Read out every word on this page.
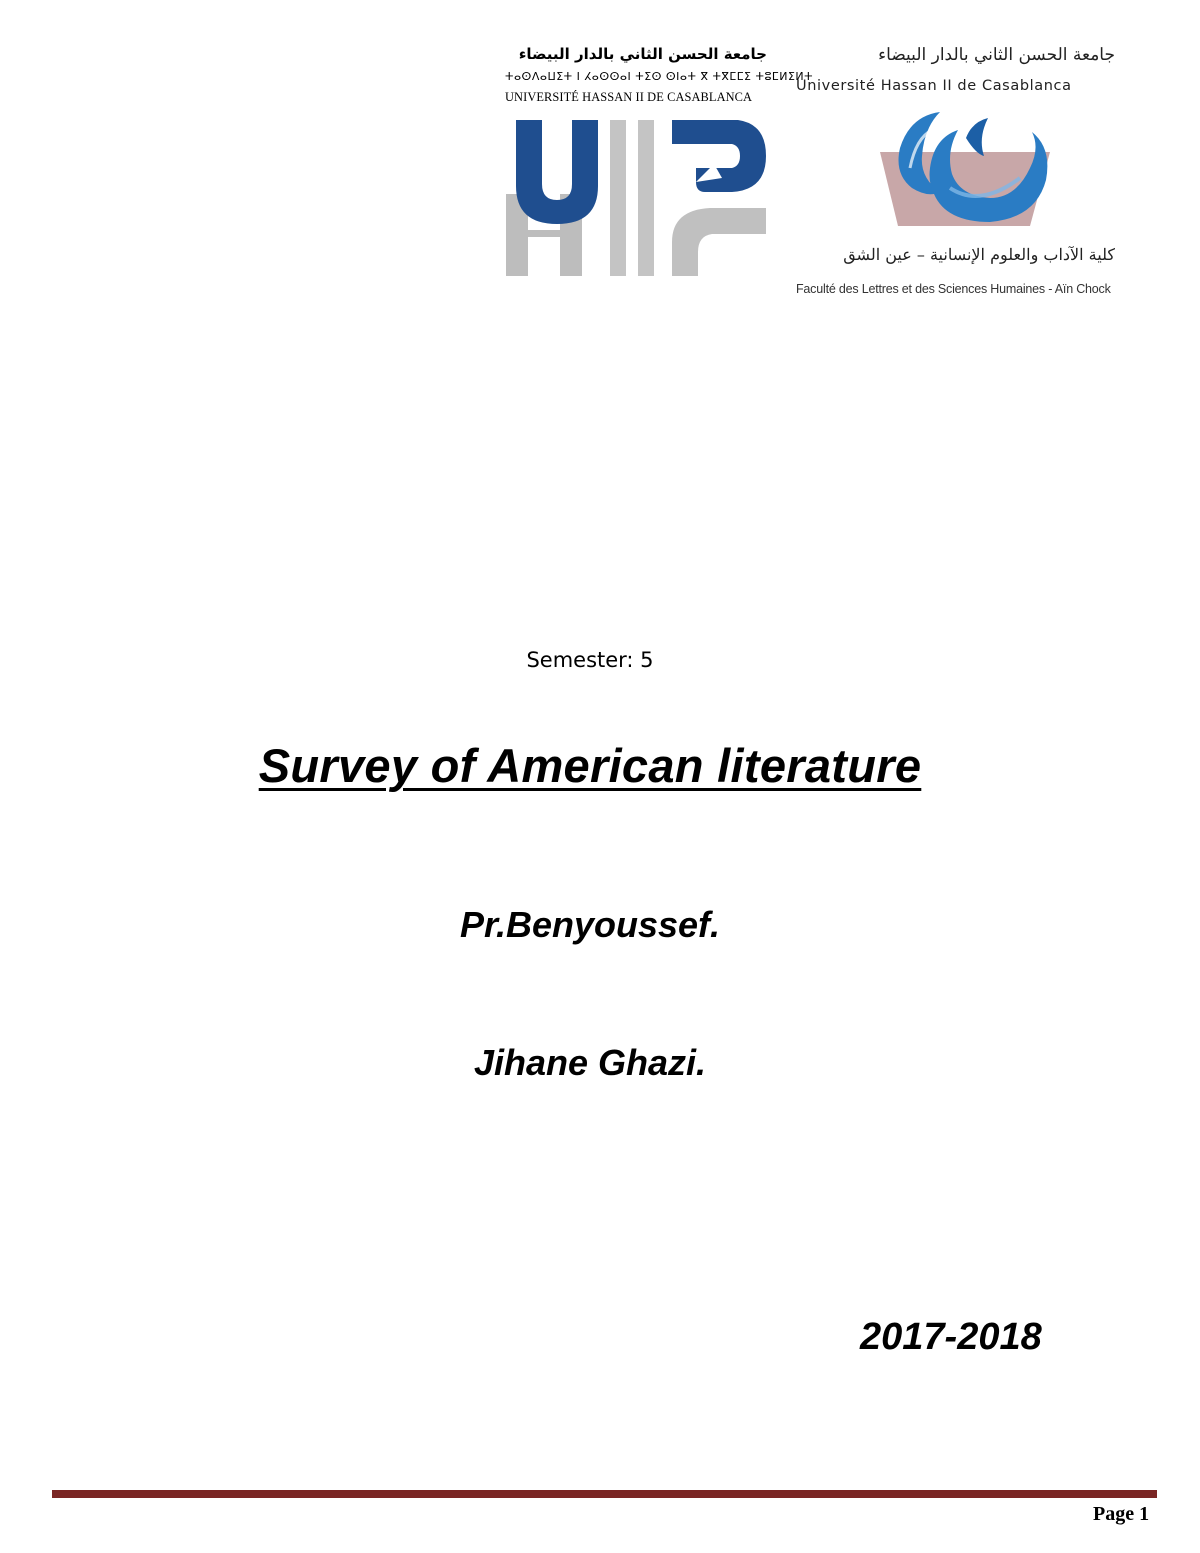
جامعة الحسن الثاني بالدار البيضاء
ⵜⴰⵙⴷⴰⵡⵉⵜ ⵏ ⵃⴰⵙⵙⴰⵏ ⵜⵉⵙ ⵙⵏⴰⵜ ⴳ ⵜⴳⵎⵎⵉ ⵜⵓⵎⵍⵉⵍⵜ
UNIVERSITÉ HASSAN II DE CASABLANCA
جامعة الحسن الثاني بالدار البيضاء
Université Hassan II de Casablanca
كلية الآداب والعلوم الإنسانية – عين الشق
Faculté des Lettres et des Sciences Humaines - Aïn Chock
Semester: 5
Survey of American literature
Pr.Benyoussef.
Jihane Ghazi.
2017-2018
Page 1
